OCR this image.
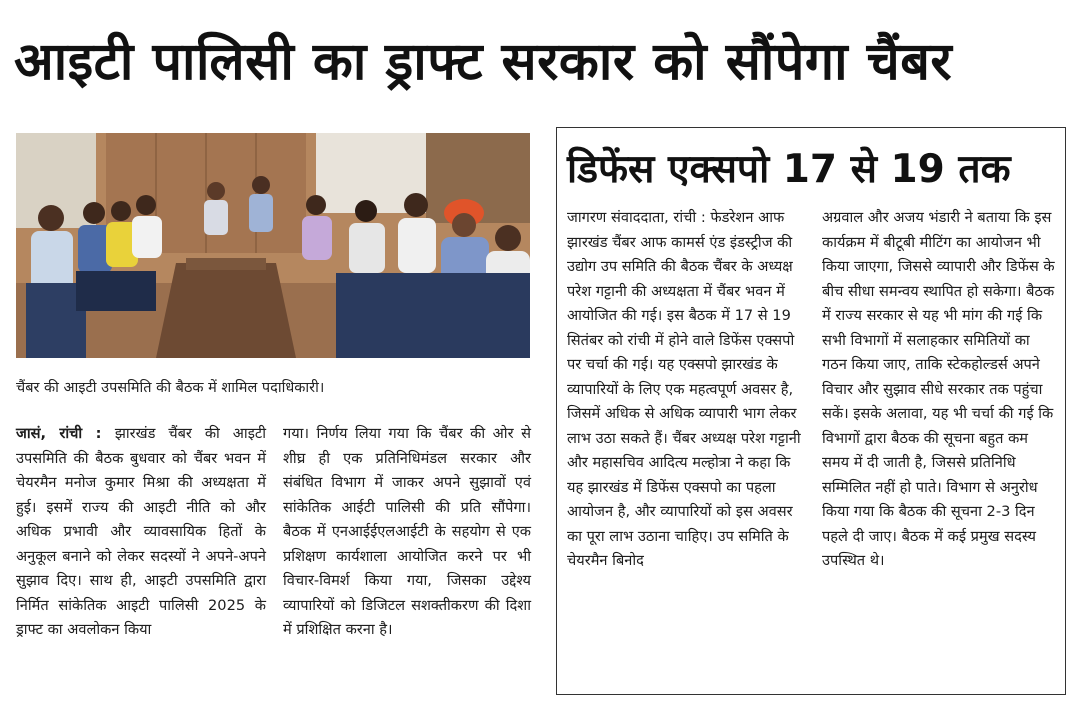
आइटी पालिसी का ड्राफ्ट सरकार को सौंपेगा चैंबर
चैंबर की आइटी उपसमिति की बैठक में शामिल पदाधिकारी।
जासं, रांची : झारखंड चैंबर की आइटी उपसमिति की बैठक बुधवार को चैंबर भवन में चेयरमैन मनोज कुमार मिश्रा की अध्यक्षता में हुई। इसमें राज्य की आइटी नीति को और अधिक प्रभावी और व्यावसायिक हितों के अनुकूल बनाने को लेकर सदस्यों ने अपने-अपने सुझाव दिए। साथ ही, आइटी उपसमिति द्वारा निर्मित सांकेतिक आइटी पालिसी 2025 के ड्राफ्ट का अवलोकन किया
गया। निर्णय लिया गया कि चैंबर की ओर से शीघ्र ही एक प्रतिनिधिमंडल सरकार और संबंधित विभाग में जाकर अपने सुझावों एवं सांकेतिक आईटी पालिसी की प्रति सौंपेगा। बैठक में एनआईईएलआईटी के सहयोग से एक प्रशिक्षण कार्यशाला आयोजित करने पर भी विचार-विमर्श किया गया, जिसका उद्देश्य व्यापारियों को डिजिटल सशक्तीकरण की दिशा में प्रशिक्षित करना है।
डिफेंस एक्सपो 17 से 19 तक
जागरण संवाददाता, रांची : फेडरेशन आफ झारखंड चैंबर आफ कामर्स एंड इंडस्ट्रीज की उद्योग उप समिति की बैठक चैंबर के अध्यक्ष परेश गट्टानी की अध्यक्षता में चैंबर भवन में आयोजित की गई। इस बैठक में 17 से 19 सितंबर को रांची में होने वाले डिफेंस एक्सपो पर चर्चा की गई। यह एक्सपो झारखंड के व्यापारियों के लिए एक महत्वपूर्ण अवसर है, जिसमें अधिक से अधिक व्यापारी भाग लेकर लाभ उठा सकते हैं। चैंबर अध्यक्ष परेश गट्टानी और महासचिव आदित्य मल्होत्रा ने कहा कि यह झारखंड में डिफेंस एक्सपो का पहला आयोजन है, और व्यापारियों को इस अवसर का पूरा लाभ उठाना चाहिए। उप समिति के चेयरमैन बिनोद
अग्रवाल और अजय भंडारी ने बताया कि इस कार्यक्रम में बीटूबी मीटिंग का आयोजन भी किया जाएगा, जिससे व्यापारी और डिफेंस के बीच सीधा समन्वय स्थापित हो सकेगा। बैठक में राज्य सरकार से यह भी मांग की गई कि सभी विभागों में सलाहकार समितियों का गठन किया जाए, ताकि स्टेकहोल्डर्स अपने विचार और सुझाव सीधे सरकार तक पहुंचा सकें। इसके अलावा, यह भी चर्चा की गई कि विभागों द्वारा बैठक की सूचना बहुत कम समय में दी जाती है, जिससे प्रतिनिधि सम्मिलित नहीं हो पाते। विभाग से अनुरोध किया गया कि बैठक की सूचना 2-3 दिन पहले दी जाए। बैठक में कई प्रमुख सदस्य उपस्थित थे।
